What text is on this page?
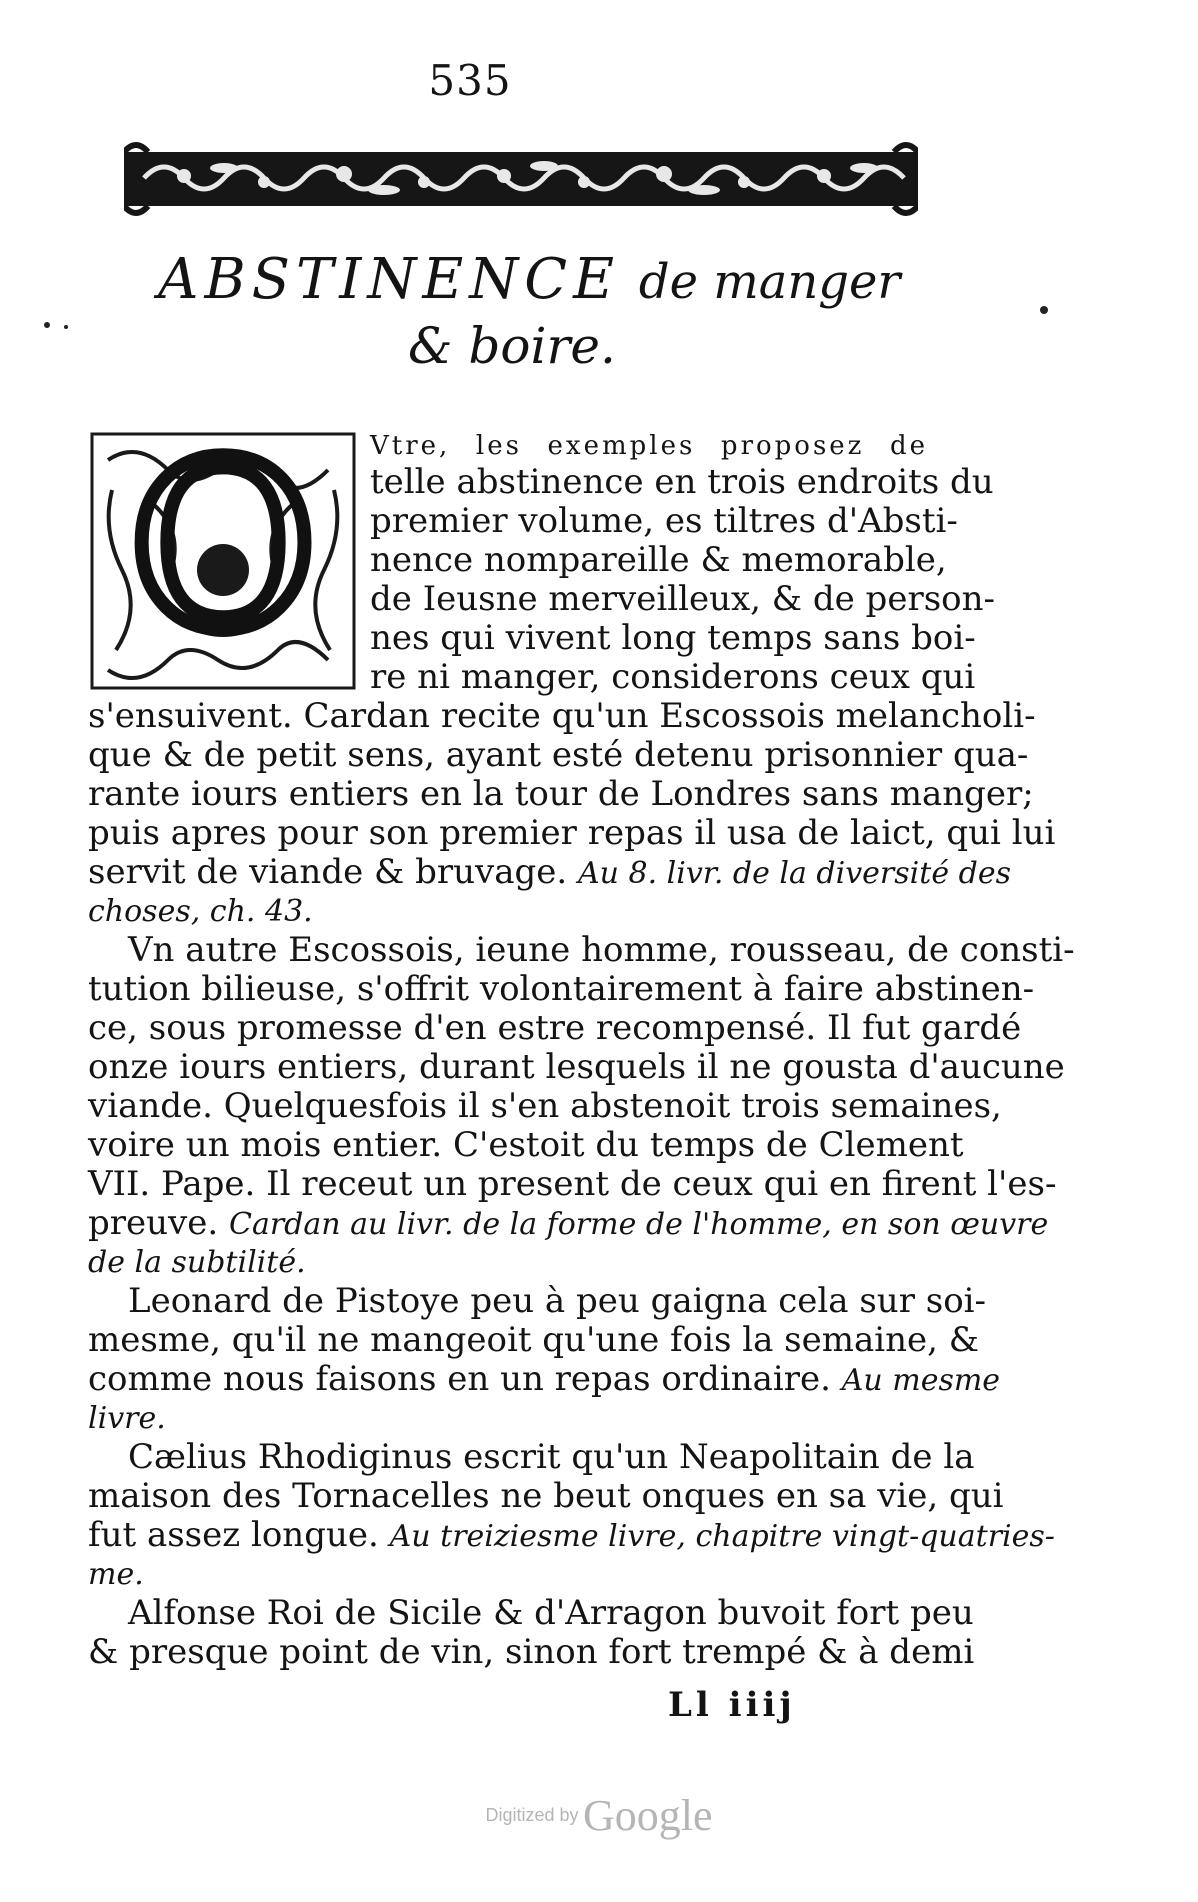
535
ABSTINENCE de manger
& boire.
O Vtre, les exemples proposez de
telle abstinence en trois endroits du
premier volume, es tiltres d'Absti-
nence nompareille & memorable,
de Ieusne merveilleux, & de person-
nes qui vivent long temps sans boi-
re ni manger, considerons ceux qui
s'ensuivent. Cardan recite qu'un Escossois melancholi-
que & de petit sens, ayant esté detenu prisonnier qua-
rante iours entiers en la tour de Londres sans manger;
puis apres pour son premier repas il usa de laict, qui lui
servit de viande & bruvage. Au 8. livr. de la diversité des
choses, ch. 43.
Vn autre Escossois, ieune homme, rousseau, de consti-
tution bilieuse, s'offrit volontairement à faire abstinen-
ce, sous promesse d'en estre recompensé. Il fut gardé
onze iours entiers, durant lesquels il ne gousta d'aucune
viande. Quelquesfois il s'en abstenoit trois semaines,
voire un mois entier. C'estoit du temps de Clement
VII. Pape. Il receut un present de ceux qui en firent l'es-
preuve. Cardan au livr. de la forme de l'homme, en son œuvre
de la subtilité.
Leonard de Pistoye peu à peu gaigna cela sur soi-
mesme, qu'il ne mangeoit qu'une fois la semaine, &
comme nous faisons en un repas ordinaire. Au mesme
livre.
Cælius Rhodiginus escrit qu'un Neapolitain de la
maison des Tornacelles ne beut onques en sa vie, qui
fut assez longue. Au treiziesme livre, chapitre vingt-quatries-
me.
Alfonse Roi de Sicile & d'Arragon buvoit fort peu
& presque point de vin, sinon fort trempé & à demi
Ll iiij
Digitized by Google
